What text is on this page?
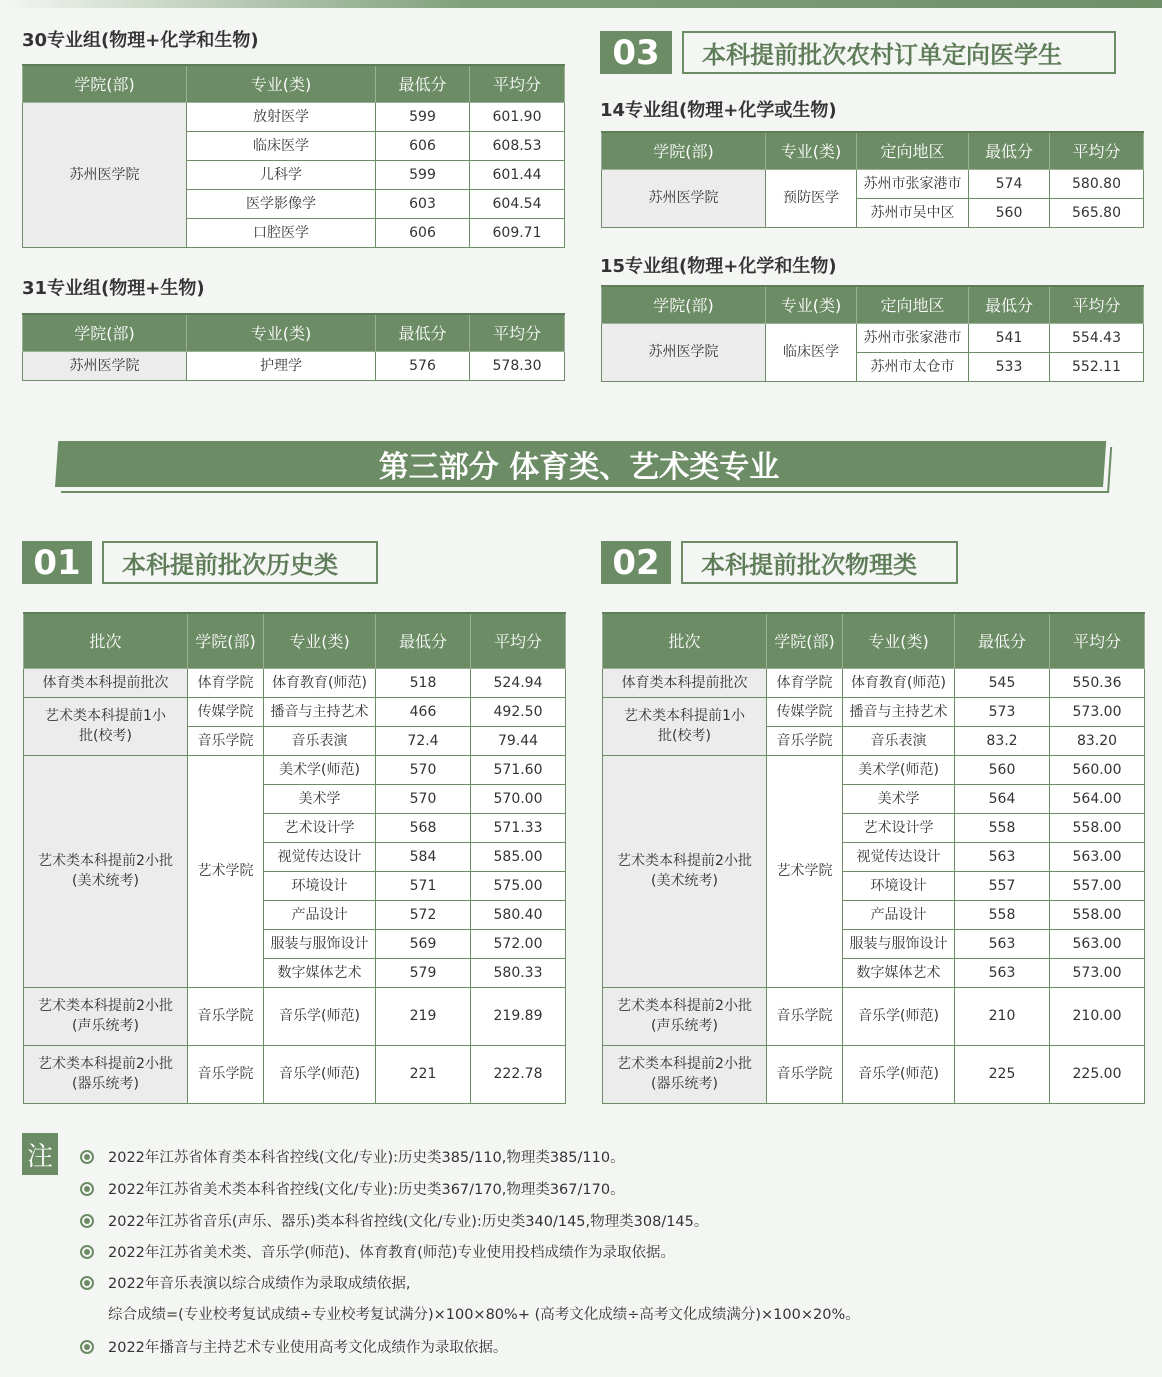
30专业组(物理+化学和生物)
学院(部)	专业(类)	最低分	平均分
苏州医学院	放射医学	599	601.90
	临床医学	606	608.53
	儿科学	599	601.44
	医学影像学	603	604.54
	口腔医学	606	609.71
31专业组(物理+生物)
学院(部)	专业(类)	最低分	平均分
苏州医学院	护理学	576	578.30
03	本科提前批次农村订单定向医学生
14专业组(物理+化学或生物)
学院(部)	专业(类)	定向地区	最低分	平均分
苏州医学院	预防医学	苏州市张家港市	574	580.80
		苏州市吴中区	560	565.80
15专业组(物理+化学和生物)
学院(部)	专业(类)	定向地区	最低分	平均分
苏州医学院	临床医学	苏州市张家港市	541	554.43
		苏州市太仓市	533	552.11
第三部分 体育类、艺术类专业
01	本科提前批次历史类	02	本科提前批次物理类
批次	学院(部)	专业(类)	最低分	平均分
体育类本科提前批次	体育学院	体育教育(师范)	518	524.94
艺术类本科提前1小批(校考)	传媒学院	播音与主持艺术	466	492.50
	音乐学院	音乐表演	72.4	79.44
艺术类本科提前2小批(美术统考)	艺术学院	美术学(师范)	570	571.60
		美术学	570	570.00
		艺术设计学	568	571.33
		视觉传达设计	584	585.00
		环境设计	571	575.00
		产品设计	572	580.40
		服装与服饰设计	569	572.00
		数字媒体艺术	579	580.33
艺术类本科提前2小批(声乐统考)	音乐学院	音乐学(师范)	219	219.89
艺术类本科提前2小批(器乐统考)	音乐学院	音乐学(师范)	221	222.78
批次	学院(部)	专业(类)	最低分	平均分
体育类本科提前批次	体育学院	体育教育(师范)	545	550.36
艺术类本科提前1小批(校考)	传媒学院	播音与主持艺术	573	573.00
	音乐学院	音乐表演	83.2	83.20
艺术类本科提前2小批(美术统考)	艺术学院	美术学(师范)	560	560.00
		美术学	564	564.00
		艺术设计学	558	558.00
		视觉传达设计	563	563.00
		环境设计	557	557.00
		产品设计	558	558.00
		服装与服饰设计	563	563.00
		数字媒体艺术	563	573.00
艺术类本科提前2小批(声乐统考)	音乐学院	音乐学(师范)	210	210.00
艺术类本科提前2小批(器乐统考)	音乐学院	音乐学(师范)	225	225.00
注	2022年江苏省体育类本科省控线(文化/专业):历史类385/110,物理类385/110。
2022年江苏省美术类本科省控线(文化/专业):历史类367/170,物理类367/170。
2022年江苏省音乐(声乐、器乐)类本科省控线(文化/专业):历史类340/145,物理类308/145。
2022年江苏省美术类、音乐学(师范)、体育教育(师范)专业使用投档成绩作为录取依据。
2022年音乐表演以综合成绩作为录取成绩依据,
综合成绩=(专业校考复试成绩÷专业校考复试满分)×100×80%+ (高考文化成绩÷高考文化成绩满分)×100×20%。
2022年播音与主持艺术专业使用高考文化成绩作为录取依据。
